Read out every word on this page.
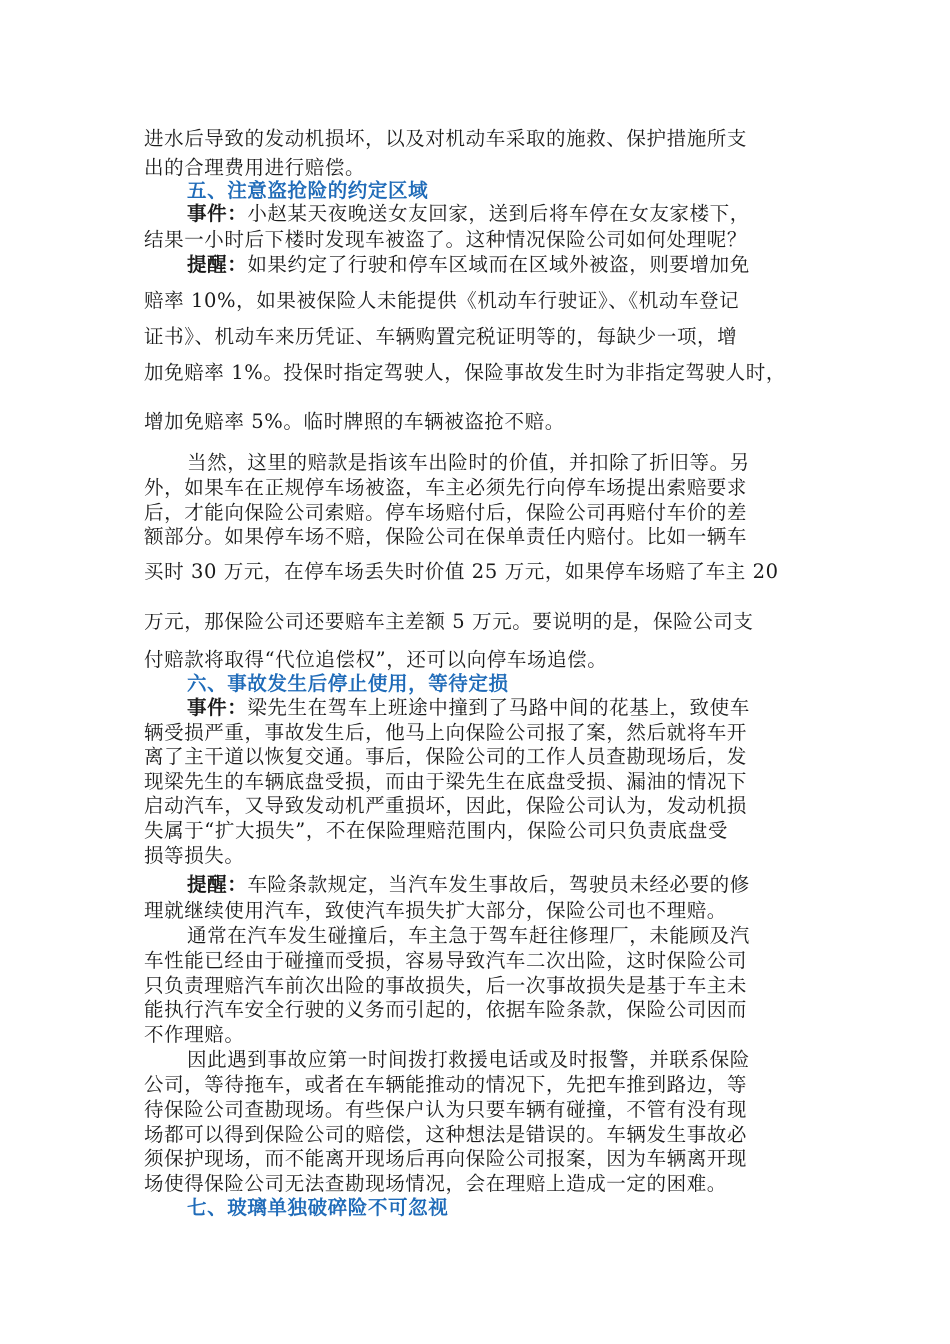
进水后导致的发动机损坏，以及对机动车采取的施救、保护措施所支
出的合理费用进行赔偿。
五、注意盗抢险的约定区域
事件：小赵某天夜晚送女友回家，送到后将车停在女友家楼下，
结果一小时后下楼时发现车被盗了。这种情况保险公司如何处理呢？
提醒：如果约定了行驶和停车区域而在区域外被盗，则要增加免
赔率 10%，如果被保险人未能提供《机动车行驶证》、《机动车登记
证书》、机动车来历凭证、车辆购置完税证明等的，每缺少一项，增
加免赔率 1%。投保时指定驾驶人，保险事故发生时为非指定驾驶人时，
增加免赔率 5%。临时牌照的车辆被盗抢不赔。
当然，这里的赔款是指该车出险时的价值，并扣除了折旧等。另
外，如果车在正规停车场被盗，车主必须先行向停车场提出索赔要求
后，才能向保险公司索赔。停车场赔付后，保险公司再赔付车价的差
额部分。如果停车场不赔，保险公司在保单责任内赔付。比如一辆车
买时 30 万元，在停车场丢失时价值 25 万元，如果停车场赔了车主 20
万元，那保险公司还要赔车主差额 5 万元。要说明的是，保险公司支
付赔款将取得“代位追偿权”，还可以向停车场追偿。
六、事故发生后停止使用，等待定损
事件：梁先生在驾车上班途中撞到了马路中间的花基上，致使车
辆受损严重，事故发生后，他马上向保险公司报了案，然后就将车开
离了主干道以恢复交通。事后，保险公司的工作人员查勘现场后，发
现梁先生的车辆底盘受损，而由于梁先生在底盘受损、漏油的情况下
启动汽车，又导致发动机严重损坏，因此，保险公司认为，发动机损
失属于“扩大损失”，不在保险理赔范围内，保险公司只负责底盘受
损等损失。
提醒：车险条款规定，当汽车发生事故后，驾驶员未经必要的修
理就继续使用汽车，致使汽车损失扩大部分，保险公司也不理赔。
通常在汽车发生碰撞后，车主急于驾车赶往修理厂，未能顾及汽
车性能已经由于碰撞而受损，容易导致汽车二次出险，这时保险公司
只负责理赔汽车前次出险的事故损失，后一次事故损失是基于车主未
能执行汽车安全行驶的义务而引起的，依据车险条款，保险公司因而
不作理赔。
因此遇到事故应第一时间拨打救援电话或及时报警，并联系保险
公司，等待拖车，或者在车辆能推动的情况下，先把车推到路边，等
待保险公司查勘现场。有些保户认为只要车辆有碰撞，不管有没有现
场都可以得到保险公司的赔偿，这种想法是错误的。车辆发生事故必
须保护现场，而不能离开现场后再向保险公司报案，因为车辆离开现
场使得保险公司无法查勘现场情况，会在理赔上造成一定的困难。
七、玻璃单独破碎险不可忽视
